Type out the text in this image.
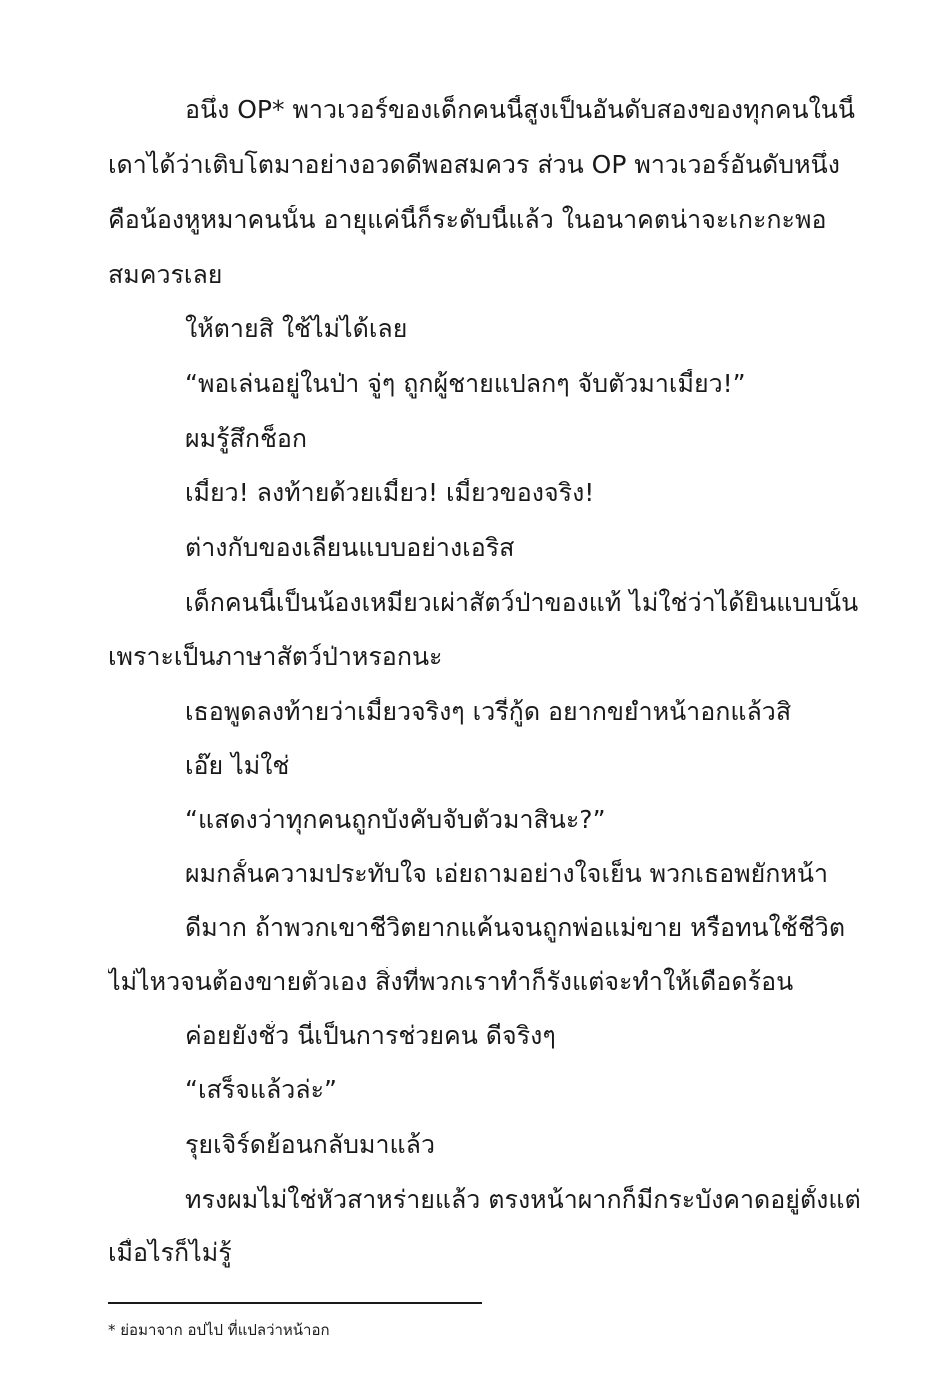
อนึ่ง OP* พาวเวอร์ของเด็กคนนี้สูงเป็นอันดับสองของทุกคนในนี้
เดาได้ว่าเติบโตมาอย่างอวดดีพอสมควร ส่วน OP พาวเวอร์อันดับหนึ่ง
คือน้องหูหมาคนนั้น อายุแค่นี้ก็ระดับนี้แล้ว ในอนาคตน่าจะเกะกะพอ
สมควรเลย
ให้ตายสิ ใช้ไม่ได้เลย
“พอเล่นอยู่ในป่า จู่ๆ ถูกผู้ชายแปลกๆ จับตัวมาเมี้ยว!”
ผมรู้สึกช็อก
เมี้ยว! ลงท้ายด้วยเมี้ยว! เมี้ยวของจริง!
ต่างกับของเลียนแบบอย่างเอริส
เด็กคนนี้เป็นน้องเหมียวเผ่าสัตว์ป่าของแท้ ไม่ใช่ว่าได้ยินแบบนั้น
เพราะเป็นภาษาสัตว์ป่าหรอกนะ
เธอพูดลงท้ายว่าเมี้ยวจริงๆ เวรี่กู้ด อยากขยำหน้าอกแล้วสิ
เอ๊ย ไม่ใช่
“แสดงว่าทุกคนถูกบังคับจับตัวมาสินะ?”
ผมกลั้นความประทับใจ เอ่ยถามอย่างใจเย็น พวกเธอพยักหน้า
ดีมาก ถ้าพวกเขาชีวิตยากแค้นจนถูกพ่อแม่ขาย หรือทนใช้ชีวิต
ไม่ไหวจนต้องขายตัวเอง สิ่งที่พวกเราทำก็รังแต่จะทำให้เดือดร้อน
ค่อยยังชั่ว นี่เป็นการช่วยคน ดีจริงๆ
“เสร็จแล้วล่ะ”
รุยเจิร์ดย้อนกลับมาแล้ว
ทรงผมไม่ใช่หัวสาหร่ายแล้ว ตรงหน้าผากก็มีกระบังคาดอยู่ตั้งแต่
เมื่อไรก็ไม่รู้
* ย่อมาจาก อปไป ที่แปลว่าหน้าอก
